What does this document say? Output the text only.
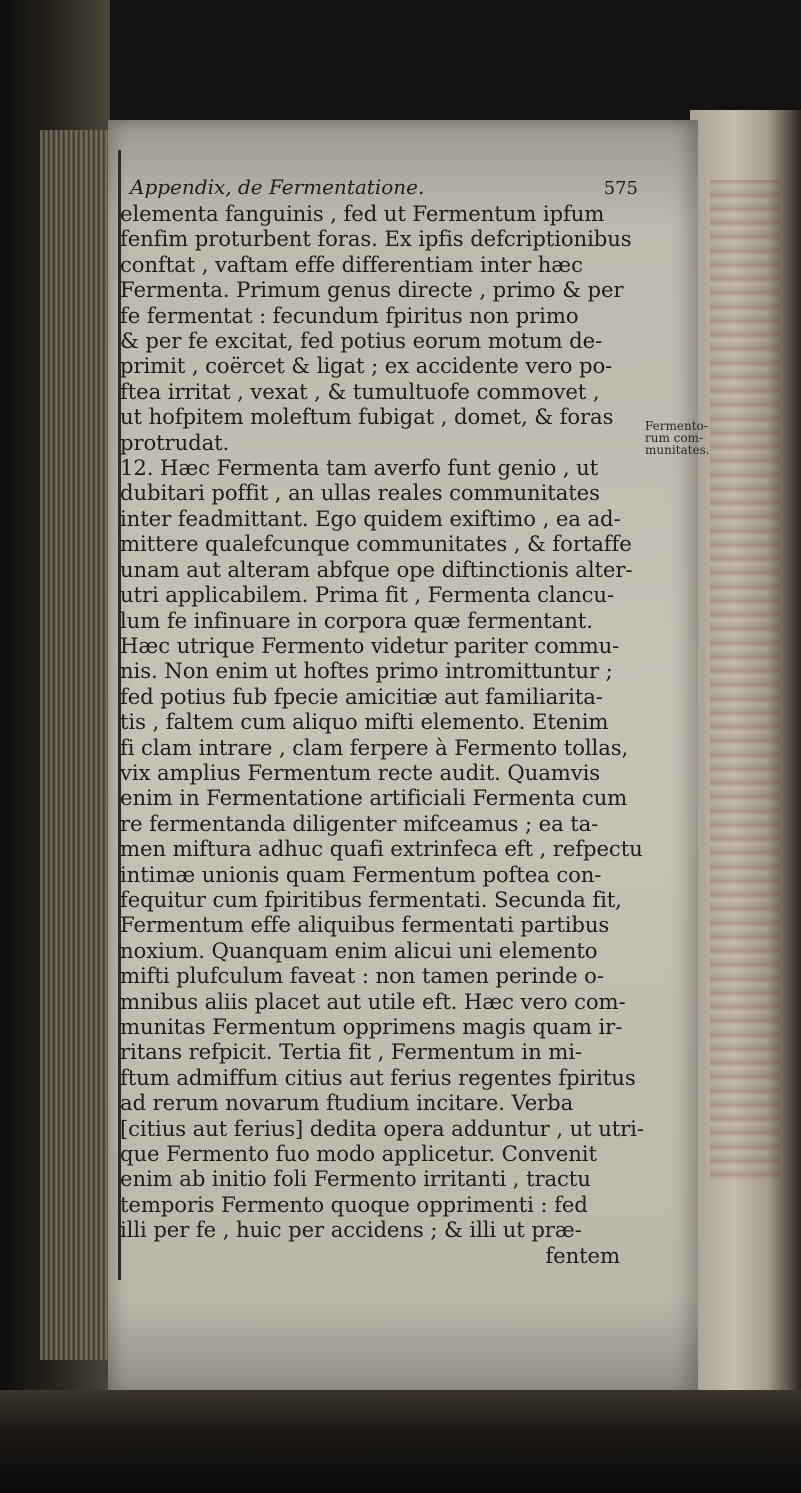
Appendix, de Fermentatione.	575
elementa fanguinis , fed ut Fermentum ipfum
fenfim proturbent foras. Ex ipfis defcriptionibus
conftat , vaftam effe differentiam inter hæc
Fermenta. Primum genus directe , primo & per
fe fermentat : fecundum fpiritus non primo
& per fe excitat, fed potius eorum motum de-
primit , coërcet & ligat ; ex accidente vero po-
ftea irritat , vexat , & tumultuofe commovet ,
ut hofpitem moleftum fubigat , domet, & foras
protrudat.
12. Hæc Fermenta tam averfo funt genio , ut
dubitari poffit , an ullas reales communitates
inter feadmittant. Ego quidem exiftimo , ea ad-
mittere qualefcunque communitates , & fortaffe
unam aut alteram abfque ope diftinctionis alter-
utri applicabilem. Prima fit , Fermenta clancu-
lum fe infinuare in corpora quæ fermentant.
Hæc utrique Fermento videtur pariter commu-
nis. Non enim ut hoftes primo intromittuntur ;
fed potius fub fpecie amicitiæ aut familiarita-
tis , faltem cum aliquo mifti elemento. Etenim
fi clam intrare , clam ferpere à Fermento tollas,
vix amplius Fermentum recte audit. Quamvis
enim in Fermentatione artificiali Fermenta cum
re fermentanda diligenter mifceamus ; ea ta-
men miftura adhuc quafi extrinfeca eft , refpectu
intimæ unionis quam Fermentum poftea con-
fequitur cum fpiritibus fermentati. Secunda fit,
Fermentum effe aliquibus fermentati partibus
noxium. Quanquam enim alicui uni elemento
mifti plufculum faveat : non tamen perinde o-
mnibus aliis placet aut utile eft. Hæc vero com-
munitas Fermentum opprimens magis quam ir-
ritans refpicit. Tertia fit , Fermentum in mi-
ftum admiffum citius aut ferius regentes fpiritus
ad rerum novarum ftudium incitare. Verba
[citius aut ferius] dedita opera adduntur , ut utri-
que Fermento fuo modo applicetur. Convenit
enim ab initio foli Fermento irritanti , tractu
temporis Fermento quoque opprimenti : fed
illi per fe , huic per accidens ; & illi ut præ-
fentem
Fermento-
rum com-
munitates.
